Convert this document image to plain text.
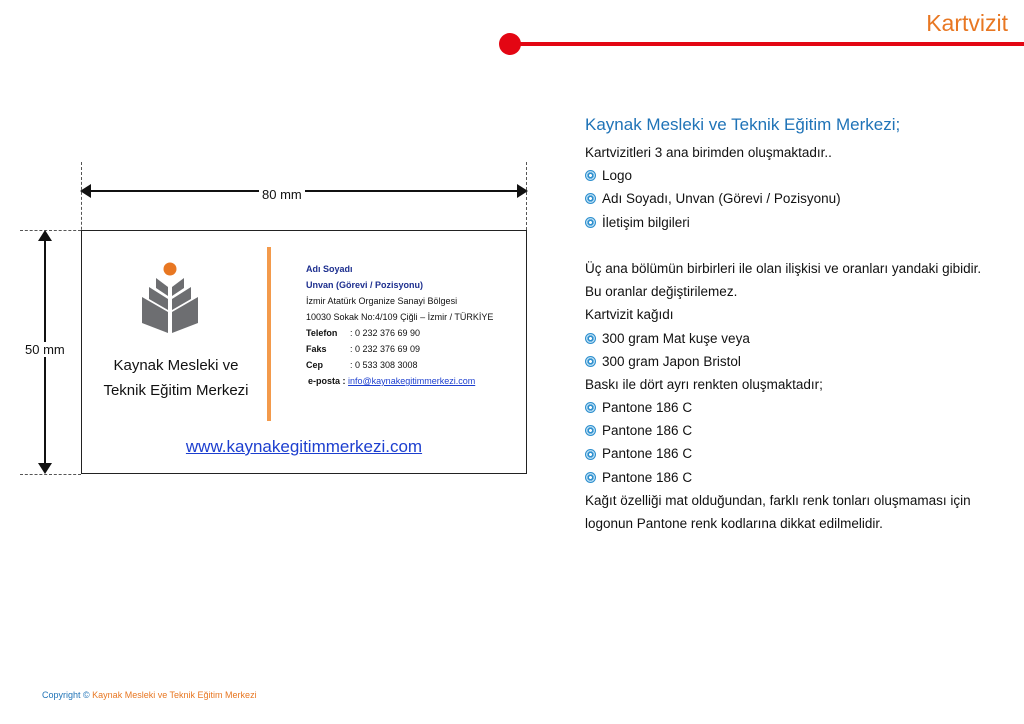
Kartvizit
80 mm
50 mm
Kaynak Mesleki ve
Teknik Eğitim Merkezi
Adı Soyadı
Unvan (Görevi / Pozisyonu)
İzmir Atatürk Organize Sanayi Bölgesi
10030 Sokak No:4/109 Çiğli – İzmir / TÜRKİYE
Telefon : 0 232 376 69 90
Faks	: 0 232 376 69 09
Cep	: 0 533 308 3008
e-posta : info@kaynakegitimmerkezi.com
www.kaynakegitimmerkezi.com
Kaynak Mesleki ve Teknik Eğitim Merkezi;
Kartvizitleri 3 ana birimden oluşmaktadır..
Logo
Adı Soyadı, Unvan (Görevi / Pozisyonu)
İletişim bilgileri
Üç ana bölümün birbirleri ile olan ilişkisi ve oranları yandaki gibidir.
Bu oranlar değiştirilemez.
Kartvizit kağıdı
300 gram Mat kuşe veya
300 gram Japon Bristol
Baskı ile dört ayrı renkten oluşmaktadır;
Pantone 186 C
Pantone 186 C
Pantone 186 C
Pantone 186 C
Kağıt özelliği mat olduğundan, farklı renk tonları oluşmaması için
logonun Pantone renk kodlarına dikkat edilmelidir.
Copyright © Kaynak Mesleki ve Teknik Eğitim Merkezi
